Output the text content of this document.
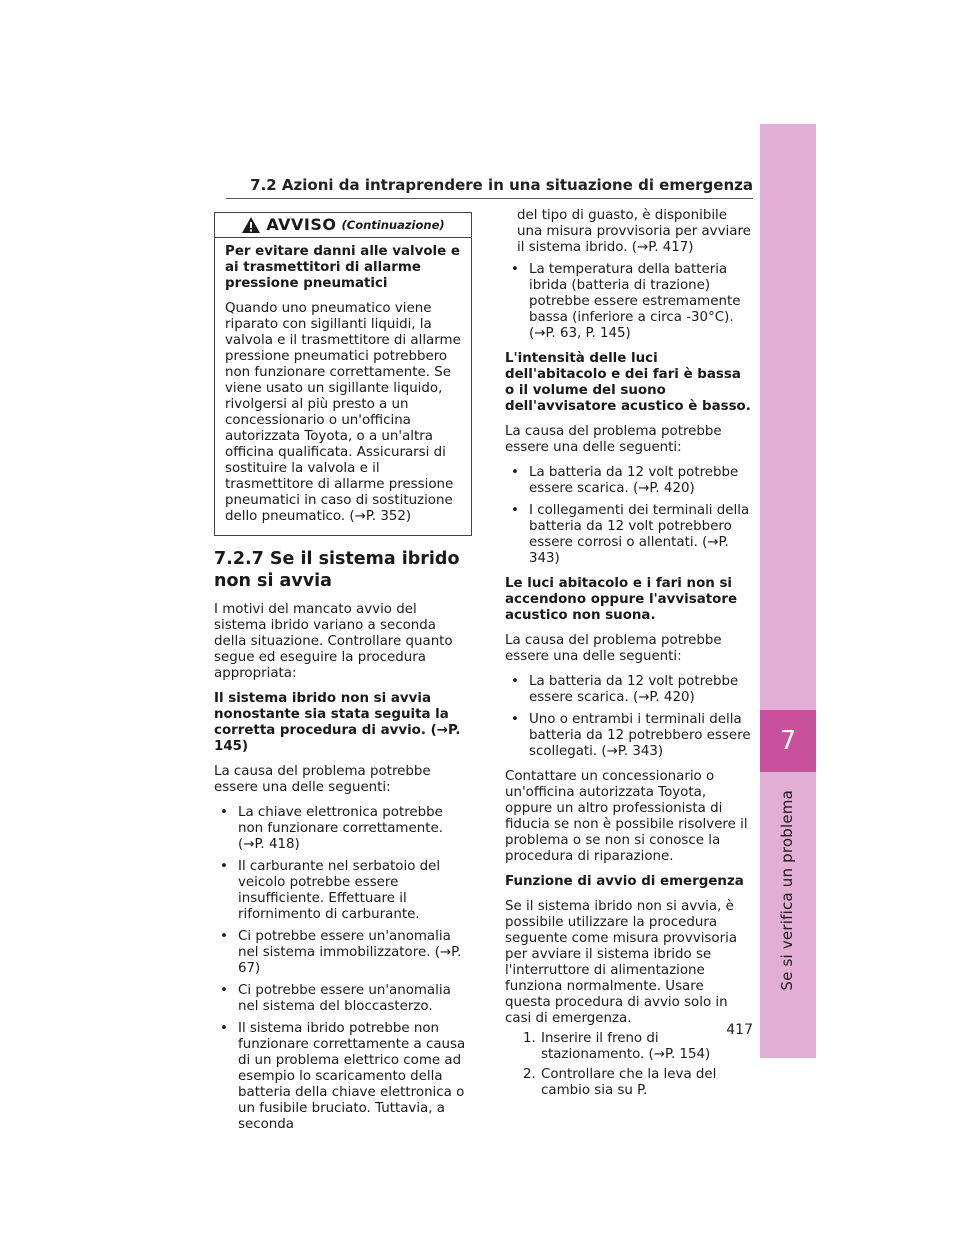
7
Se si verifica un problema
7.2 Azioni da intraprendere in una situazione di emergenza
AVVISO (Continuazione)

Per evitare danni alle valvole e ai trasmettitori di allarme pressione pneumatici

Quando uno pneumatico viene riparato con sigillanti liquidi, la valvola e il trasmettitore di allarme pressione pneumatici potrebbero non funzionare correttamente. Se viene usato un sigillante liquido, rivolgersi al più presto a un concessionario o un'officina autorizzata Toyota, o a un'altra officina qualificata. Assicurarsi di sostituire la valvola e il trasmettitore di allarme pressione pneumatici in caso di sostituzione dello pneumatico. (→P. 352)

7.2.7 Se il sistema ibrido non si avvia

I motivi del mancato avvio del sistema ibrido variano a seconda della situazione. Controllare quanto segue ed eseguire la procedura appropriata:

Il sistema ibrido non si avvia nonostante sia stata seguita la corretta procedura di avvio. (→P. 145)

La causa del problema potrebbe essere una delle seguenti:

• La chiave elettronica potrebbe non funzionare correttamente. (→P. 418)
• Il carburante nel serbatoio del veicolo potrebbe essere insufficiente. Effettuare il rifornimento di carburante.
• Ci potrebbe essere un'anomalia nel sistema immobilizzatore. (→P. 67)
• Ci potrebbe essere un'anomalia nel sistema del bloccasterzo.
• Il sistema ibrido potrebbe non funzionare correttamente a causa di un problema elettrico come ad esempio lo scaricamento della batteria della chiave elettronica o un fusibile bruciato. Tuttavia, a seconda

del tipo di guasto, è disponibile una misura provvisoria per avviare il sistema ibrido. (→P. 417)

• La temperatura della batteria ibrida (batteria di trazione) potrebbe essere estremamente bassa (inferiore a circa -30°C). (→P. 63, P. 145)

L'intensità delle luci dell'abitacolo e dei fari è bassa o il volume del suono dell'avvisatore acustico è basso.

La causa del problema potrebbe essere una delle seguenti:

• La batteria da 12 volt potrebbe essere scarica. (→P. 420)
• I collegamenti dei terminali della batteria da 12 volt potrebbero essere corrosi o allentati. (→P. 343)

Le luci abitacolo e i fari non si accendono oppure l'avvisatore acustico non suona.

La causa del problema potrebbe essere una delle seguenti:

• La batteria da 12 volt potrebbe essere scarica. (→P. 420)
• Uno o entrambi i terminali della batteria da 12 potrebbero essere scollegati. (→P. 343)

Contattare un concessionario o un'officina autorizzata Toyota, oppure un altro professionista di fiducia se non è possibile risolvere il problema o se non si conosce la procedura di riparazione.

Funzione di avvio di emergenza

Se il sistema ibrido non si avvia, è possibile utilizzare la procedura seguente come misura provvisoria per avviare il sistema ibrido se l'interruttore di alimentazione funziona normalmente. Usare questa procedura di avvio solo in casi di emergenza.

1. Inserire il freno di stazionamento. (→P. 154)
2. Controllare che la leva del cambio sia su P.
417
